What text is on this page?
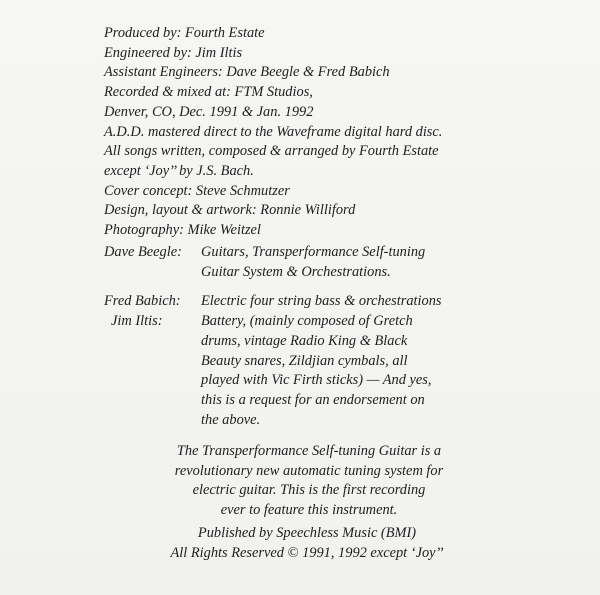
Produced by: Fourth Estate

Engineered by: Jim Iltis

Assistant Engineers: Dave Beegle & Fred Babich

Recorded & mixed at: FTM Studios,

Denver, CO, Dec. 1991 & Jan. 1992

A.D.D. mastered direct to the Waveframe digital hard disc.

All songs written, composed & arranged by Fourth Estate

except ‘Joy’’ by J.S. Bach.

Cover concept: Steve Schmutzer

Design, layout & artwork: Ronnie Williford

Photography: Mike Weitzel

Dave Beegle:	Guitars, Transperformance Self-tuning

Guitar System & Orchestrations.

Fred Babich:	Electric four string bass & orchestrations

Jim Iltis:	Battery, (mainly composed of Gretch

drums, vintage Radio King & Black

Beauty snares, Zildjian cymbals, all

played with Vic Firth sticks) — And yes,

this is a request for an endorsement on

the above.

The Transperformance Self-tuning Guitar is a

revolutionary new automatic tuning system for

electric guitar. This is the first recording

ever to feature this instrument.

Published by Speechless Music (BMI)

All Rights Reserved © 1991, 1992 except ‘Joy’’
